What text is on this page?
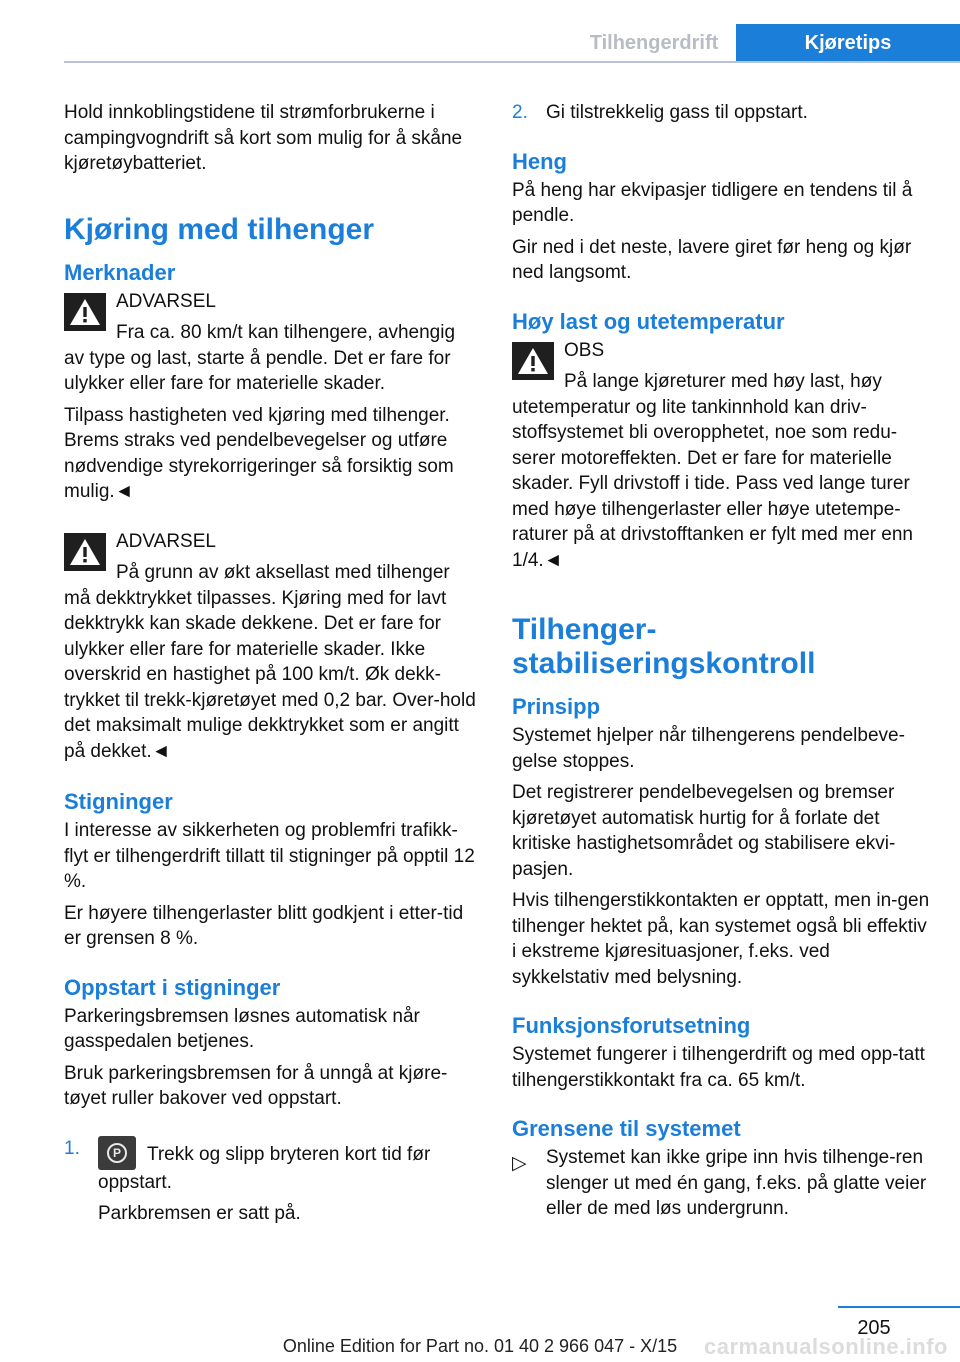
Tilhengerdrift	Kjøretips

Hold innkoblingstidene til strømforbrukerne i campingvogndrift så kort som mulig for å skåne kjøretøybatteriet.

Kjøring med tilhenger
Merknader
ADVARSEL
Fra ca. 80 km/t kan tilhengere, avhengig
av type og last, starte å pendle. Det er fare for ulykker eller fare for materielle skader.

Tilpass hastigheten ved kjøring med tilhenger. Brems straks ved pendelbevegelser og utføre nødvendige styrekorrigeringer så forsiktig som mulig.◄

ADVARSEL
På grunn av økt aksellast med tilhenger
må dekktrykket tilpasses. Kjøring med for lavt dekktrykk kan skade dekkene. Det er fare for ulykker eller fare for materielle skader. Ikke overskrid en hastighet på 100 km/t. Øk dekk-trykket til trekk-kjøretøyet med 0,2 bar. Over-hold det maksimalt mulige dekktrykket som er angitt på dekket.◄
Stigninger

I interesse av sikkerheten og problemfri trafikk-flyt er tilhengerdrift tillatt til stigninger på opptil 12 %.

Er høyere tilhengerlaster blitt godkjent i etter-tid er grensen 8 %.

Oppstart i stigninger

Parkeringsbremsen løsnes automatisk når gasspedalen betjenes.

Bruk parkeringsbremsen for å unngå at kjøre-tøyet ruller bakover ved oppstart.

1.	P	Trekk og slipp bryteren kort tid før oppstart.
Parkbremsen er satt på.
2. Gi tilstrekkelig gass til oppstart.
Heng

På heng har ekvipasjer tidligere en tendens til å pendle.

Gir ned i det neste, lavere giret før heng og kjør ned langsomt.

Høy last og utetemperatur
OBS
På lange kjøreturer med høy last, høy
utetemperatur og lite tankinnhold kan driv-stoffsystemet bli overopphetet, noe som redu-serer motoreffekten. Det er fare for materielle skader. Fyll drivstoff i tide. Pass ved lange turer med høye tilhengerlaster eller høye utetempe-raturer på at drivstofftanken er fylt med mer enn 1/4.◄
Tilhenger-stabiliseringskontroll
Prinsipp

Systemet hjelper når tilhengerens pendelbeve-gelse stoppes.

Det registrerer pendelbevegelsen og bremser kjøretøyet automatisk hurtig for å forlate det kritiske hastighetsområdet og stabilisere ekvi-pasjen.

Hvis tilhengerstikkontakten er opptatt, men in-gen tilhenger hektet på, kan systemet også bli effektiv i ekstreme kjøresituasjoner, f.eks. ved sykkelstativ med belysning.

Funksjonsforutsetning

Systemet fungerer i tilhengerdrift og med opp-tatt tilhengerstikkontakt fra ca. 65 km/t.

Grensene til systemet
▷ Systemet kan ikke gripe inn hvis tilhenge-ren slenger ut med én gang, f.eks. på glatte veier eller de med løs undergrunn.
205
Online Edition for Part no. 01 40 2 966 047 - X/15	carmanualsonline.info
